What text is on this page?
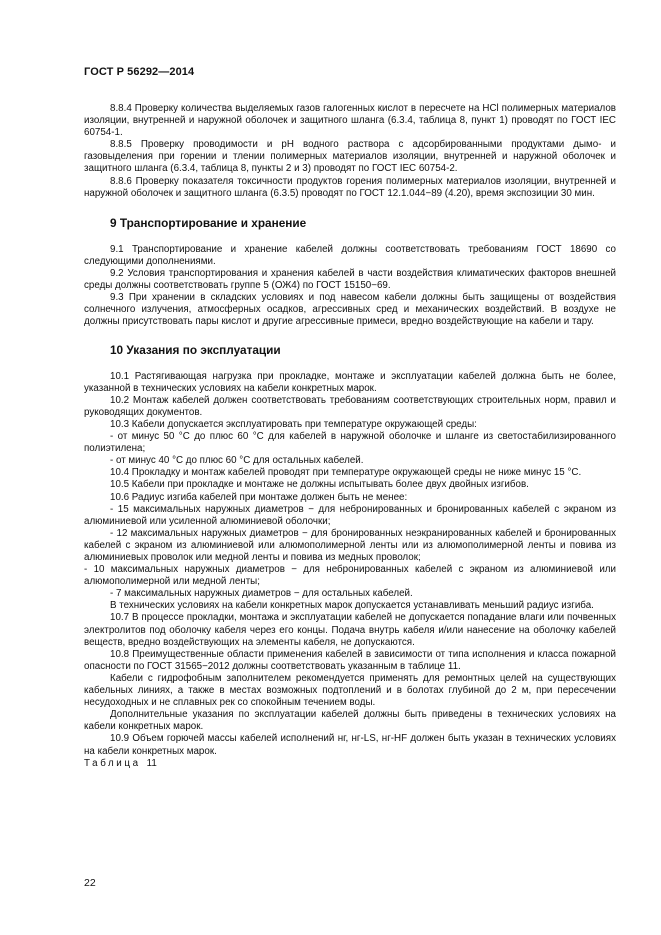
ГОСТ Р 56292—2014

8.8.4 Проверку количества выделяемых газов галогенных кислот в пересчете на HCl полимерных материалов изоляции, внутренней и наружной оболочек и защитного шланга (6.3.4, таблица 8, пункт 1) проводят по ГОСТ IEC 60754-1.

8.8.5 Проверку проводимости и pH водного раствора с адсорбированными продуктами дымо- и газовыделения при горении и тлении полимерных материалов изоляции, внутренней и наружной оболочек и защитного шланга (6.3.4, таблица 8, пункты 2 и 3) проводят по ГОСТ IEC 60754-2.

8.8.6 Проверку показателя токсичности продуктов горения полимерных материалов изоляции, внутренней и наружной оболочек и защитного шланга (6.3.5) проводят по ГОСТ 12.1.044−89 (4.20), время экспозиции 30 мин.

9 Транспортирование и хранение

9.1 Транспортирование и хранение кабелей должны соответствовать требованиям ГОСТ 18690 со следующими дополнениями.

9.2 Условия транспортирования и хранения кабелей в части воздействия климатических факторов внешней среды должны соответствовать группе 5 (ОЖ4) по ГОСТ 15150−69.

9.3 При хранении в складских условиях и под навесом кабели должны быть защищены от воздействия солнечного излучения, атмосферных осадков, агрессивных сред и механических воздействий. В воздухе не должны присутствовать пары кислот и другие агрессивные примеси, вредно воздействующие на кабели и тару.

10 Указания по эксплуатации

10.1 Растягивающая нагрузка при прокладке, монтаже и эксплуатации кабелей должна быть не более, указанной в технических условиях на кабели конкретных марок.

10.2 Монтаж кабелей должен соответствовать требованиям соответствующих строительных норм, правил и руководящих документов.

10.3 Кабели допускается эксплуатировать при температуре окружающей среды:

- от минус 50 °С до плюс 60 °С для кабелей в наружной оболочке и шланге из светостабилизированного полиэтилена;

- от минус 40 °С до плюс 60 °С для остальных кабелей.

10.4 Прокладку и монтаж кабелей проводят при температуре окружающей среды не ниже минус 15 °С.

10.5 Кабели при прокладке и монтаже не должны испытывать более двух двойных изгибов.

10.6 Радиус изгиба кабелей при монтаже должен быть не менее:

- 15 максимальных наружных диаметров − для небронированных и бронированных кабелей с экраном из алюминиевой или усиленной алюминиевой оболочки;

- 12 максимальных наружных диаметров − для бронированных неэкранированных кабелей и бронированных кабелей с экраном из алюминиевой или алюмополимерной ленты или из алюмополимерной ленты и повива из алюминиевых проволок или медной ленты и повива из медных проволок;

- 10 максимальных наружных диаметров − для небронированных кабелей с экраном из алюминиевой или алюмополимерной или медной ленты;

- 7 максимальных наружных диаметров − для остальных кабелей.

В технических условиях на кабели конкретных марок допускается устанавливать меньший радиус изгиба.

10.7 В процессе прокладки, монтажа и эксплуатации кабелей не допускается попадание влаги или почвенных электролитов под оболочку кабеля через его концы. Подача внутрь кабеля и/или нанесение на оболочку кабелей веществ, вредно воздействующих на элементы кабеля, не допускаются.

10.8 Преимущественные области применения кабелей в зависимости от типа исполнения и класса пожарной опасности по ГОСТ 31565−2012 должны соответствовать указанным в таблице 11.

Кабели с гидрофобным заполнителем рекомендуется применять для ремонтных целей на существующих кабельных линиях, а также в местах возможных подтоплений и в болотах глубиной до 2 м, при пересечении несудоходных и не сплавных рек со спокойным течением воды.

Дополнительные указания по эксплуатации кабелей должны быть приведены в технических условиях на кабели конкретных марок.

10.9 Объем горючей массы кабелей исполнений нг, нг-LS, нг-HF должен быть указан в технических условиях на кабели конкретных марок.

Таблица 11

22
